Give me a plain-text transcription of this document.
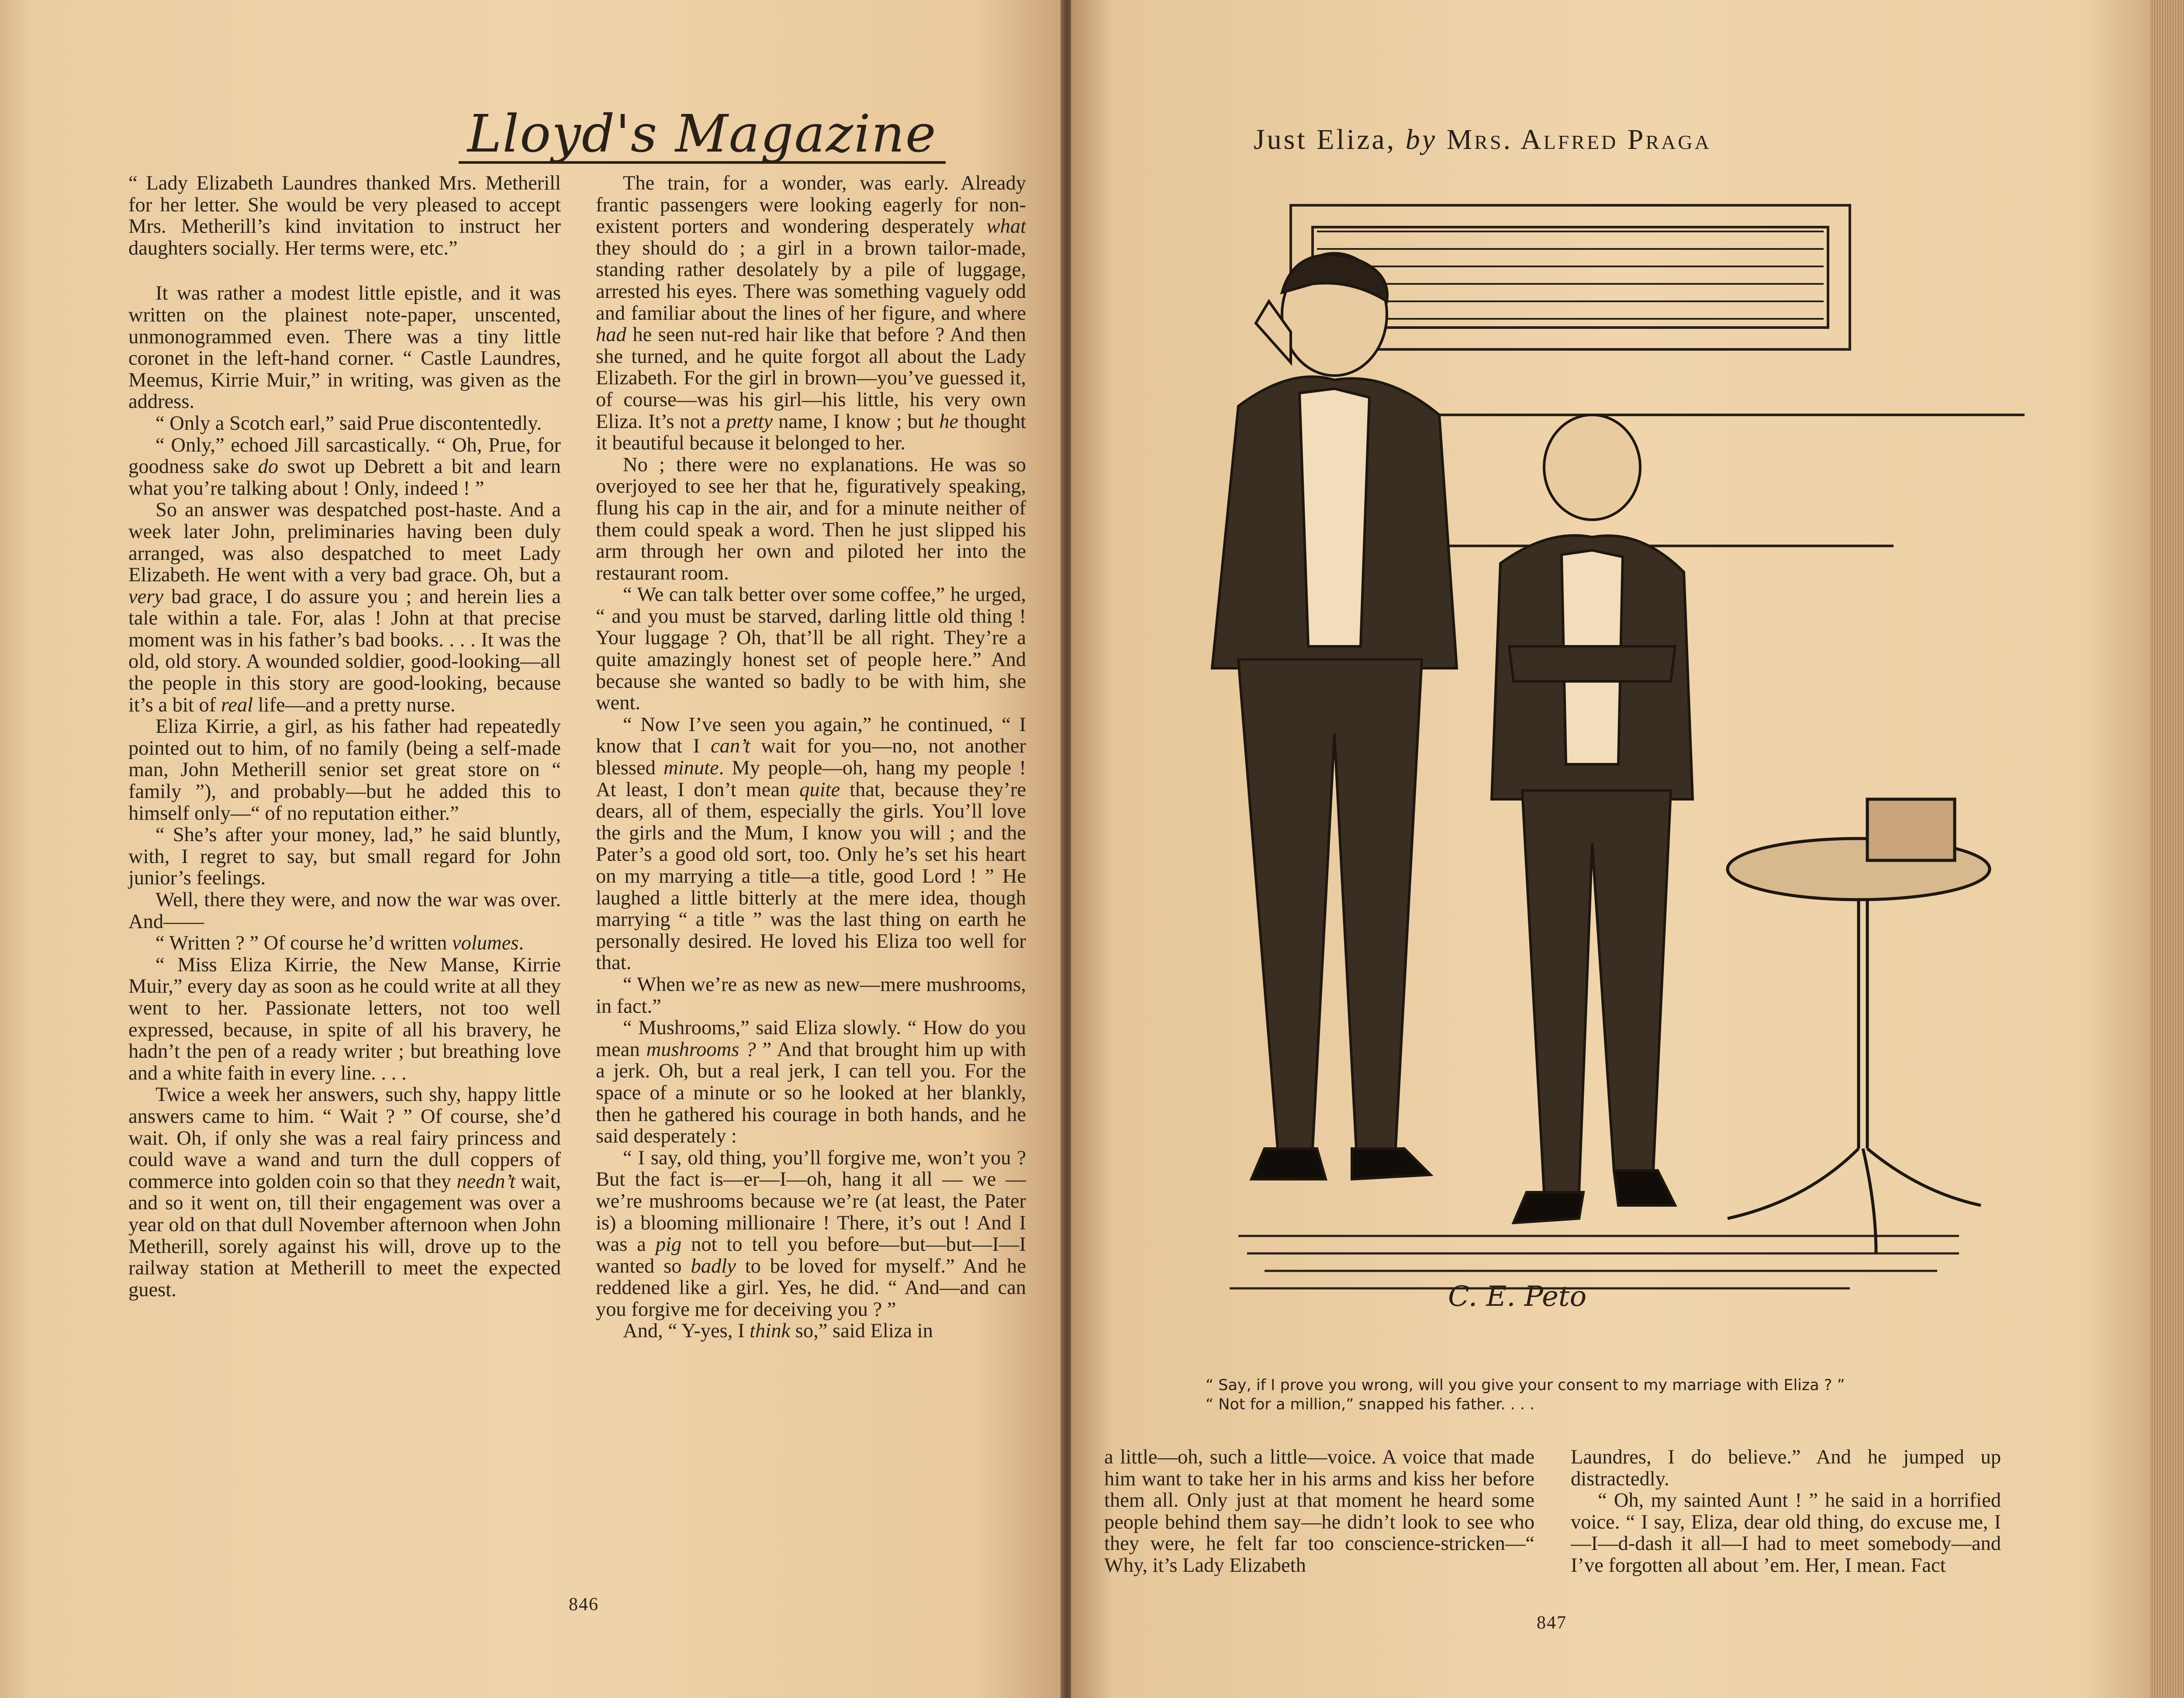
Lloyd's Magazine

“ Lady Elizabeth Laundres thanked Mrs. Metherill for her letter. She would be very pleased to accept Mrs. Metherill’s kind invitation to instruct her daughters socially. Her terms were, etc.”

It was rather a modest little epistle, and it was written on the plainest note-paper, unscented, unmonogrammed even. There was a tiny little coronet in the left-hand corner. “ Castle Laundres, Meemus, Kirrie Muir,” in writing, was given as the address.

“ Only a Scotch earl,” said Prue discontentedly.

“ Only,” echoed Jill sarcastically. “ Oh, Prue, for goodness sake do swot up Debrett a bit and learn what you’re talking about ! Only, indeed ! ”

So an answer was despatched post-haste. And a week later John, preliminaries having been duly arranged, was also despatched to meet Lady Elizabeth. He went with a very bad grace. Oh, but a very bad grace, I do assure you ; and herein lies a tale within a tale. For, alas ! John at that precise moment was in his father’s bad books. . . . It was the old, old story. A wounded soldier, good-looking—all the people in this story are good-looking, because it’s a bit of real life—and a pretty nurse.

Eliza Kirrie, a girl, as his father had repeatedly pointed out to him, of no family (being a self-made man, John Metherill senior set great store on “ family ”), and probably—but he added this to himself only—“ of no reputation either.”

“ She’s after your money, lad,” he said bluntly, with, I regret to say, but small regard for John junior’s feelings.

Well, there they were, and now the war was over. And——

“ Written ? ” Of course he’d written volumes.

“ Miss Eliza Kirrie, the New Manse, Kirrie Muir,” every day as soon as he could write at all they went to her. Passionate letters, not too well expressed, because, in spite of all his bravery, he hadn’t the pen of a ready writer ; but breathing love and a white faith in every line. . . .

Twice a week her answers, such shy, happy little answers came to him. “ Wait ? ” Of course, she’d wait. Oh, if only she was a real fairy princess and could wave a wand and turn the dull coppers of commerce into golden coin so that they needn’t wait, and so it went on, till their engagement was over a year old on that dull November afternoon when John Metherill, sorely against his will, drove up to the railway station at Metherill to meet the expected guest.

The train, for a wonder, was early. Already frantic passengers were looking eagerly for non-existent porters and wondering desperately what they should do ; a girl in a brown tailor-made, standing rather desolately by a pile of luggage, arrested his eyes. There was something vaguely odd and familiar about the lines of her figure, and where had he seen nut-red hair like that before ? And then she turned, and he quite forgot all about the Lady Elizabeth. For the girl in brown—you’ve guessed it, of course—was his girl—his little, his very own Eliza. It’s not a pretty name, I know ; but he thought it beautiful because it belonged to her.

No ; there were no explanations. He was so overjoyed to see her that he, figuratively speaking, flung his cap in the air, and for a minute neither of them could speak a word. Then he just slipped his arm through her own and piloted her into the restaurant room.

“ We can talk better over some coffee,” he urged, “ and you must be starved, darling little old thing ! Your luggage ? Oh, that’ll be all right. They’re a quite amazingly honest set of people here.” And because she wanted so badly to be with him, she went.

“ Now I’ve seen you again,” he continued, “ I know that I can’t wait for you—no, not another blessed minute. My people—oh, hang my people ! At least, I don’t mean quite that, because they’re dears, all of them, especially the girls. You’ll love the girls and the Mum, I know you will ; and the Pater’s a good old sort, too. Only he’s set his heart on my marrying a title—a title, good Lord ! ” He laughed a little bitterly at the mere idea, though marrying “ a title ” was the last thing on earth he personally desired. He loved his Eliza too well for that.

“ When we’re as new as new—mere mushrooms, in fact.”

“ Mushrooms,” said Eliza slowly. “ How do you mean mushrooms ? ” And that brought him up with a jerk. Oh, but a real jerk, I can tell you. For the space of a minute or so he looked at her blankly, then he gathered his courage in both hands, and he said desperately :

“ I say, old thing, you’ll forgive me, won’t you ? But the fact is—er—I—oh, hang it all — we — we’re mushrooms because we’re (at least, the Pater is) a blooming millionaire ! There, it’s out ! And I was a pig not to tell you before—but—but—I—I wanted so badly to be loved for myself.” And he reddened like a girl. Yes, he did. “ And—and can you forgive me for deceiving you ? ”

And, “ Y-yes, I think so,” said Eliza in

846
Just Eliza, by Mrs. Alfred Praga
C. E. Peto
“ Say, if I prove you wrong, will you give your consent to my marriage with Eliza ? ”
“ Not for a million,” snapped his father. . . .

a little—oh, such a little—voice. A voice that made him want to take her in his arms and kiss her before them all. Only just at that moment he heard some people behind them say—he didn’t look to see who they were, he felt far too conscience-stricken—“ Why, it’s Lady Elizabeth

Laundres, I do believe.” And he jumped up distractedly.

“ Oh, my sainted Aunt ! ” he said in a horrified voice. “ I say, Eliza, dear old thing, do excuse me, I—I—d-dash it all—I had to meet somebody—and I’ve forgotten all about ’em. Her, I mean. Fact

847
